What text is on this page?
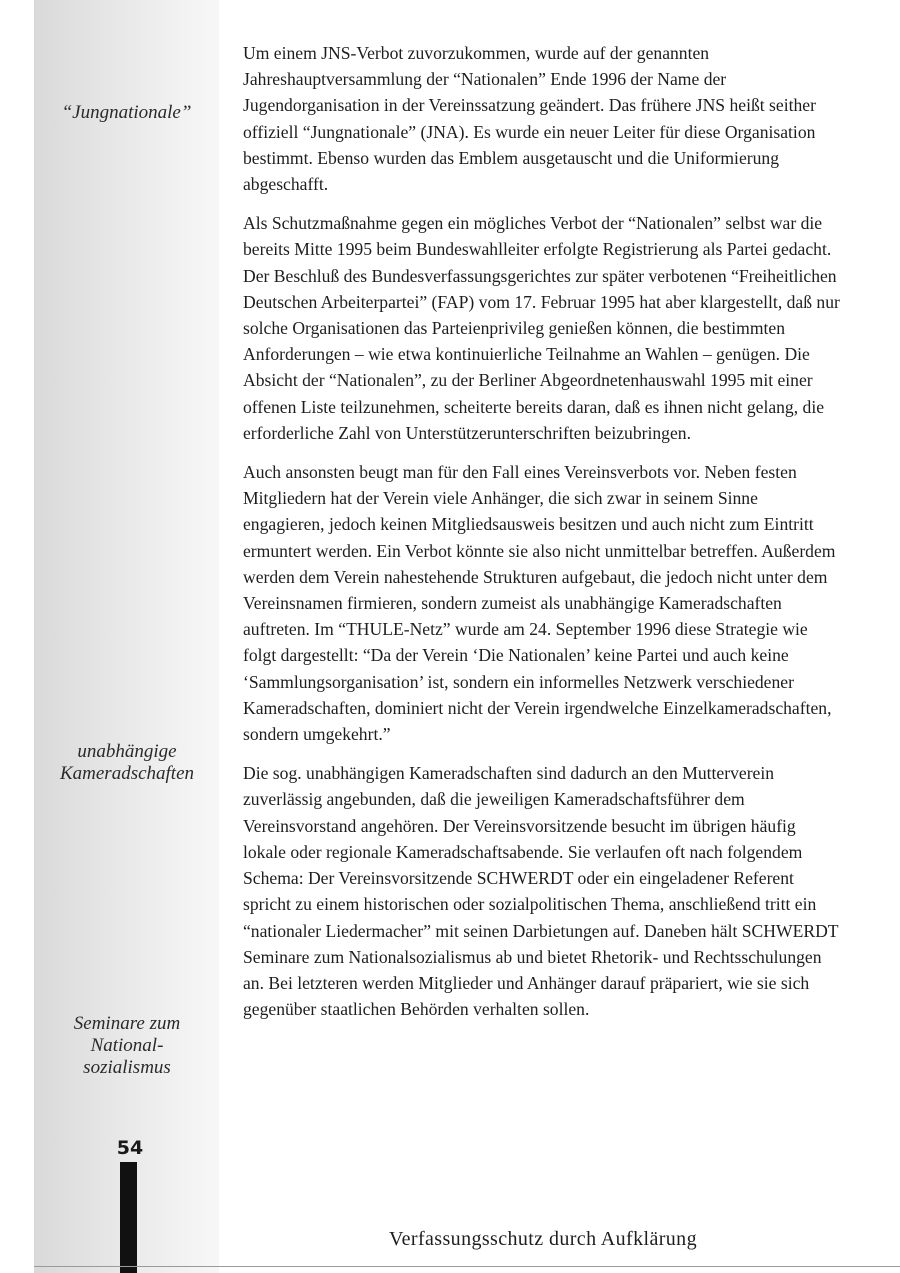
“Jungnationale”
unabhängige Kameradschaften
Seminare zum National- sozialismus
54

Um einem JNS-Verbot zuvorzukommen, wurde auf der genannten Jahreshauptversammlung der “Nationalen” Ende 1996 der Name der Jugendorganisation in der Vereinssatzung geändert. Das frühere JNS heißt seither offiziell “Jungnationale” (JNA). Es wurde ein neuer Leiter für diese Organisation bestimmt. Ebenso wurden das Emblem ausgetauscht und die Uniformierung abgeschafft.

Als Schutzmaßnahme gegen ein mögliches Verbot der “Nationalen” selbst war die bereits Mitte 1995 beim Bundeswahlleiter erfolgte Registrierung als Partei gedacht. Der Beschluß des Bundesverfassungsgerichtes zur später verbotenen “Freiheitlichen Deutschen Arbeiterpartei” (FAP) vom 17. Februar 1995 hat aber klargestellt, daß nur solche Organisationen das Parteienprivileg genießen können, die bestimmten Anforderungen – wie etwa kontinuierliche Teilnahme an Wahlen – genügen. Die Absicht der “Nationalen”, zu der Berliner Abgeordnetenhauswahl 1995 mit einer offenen Liste teilzunehmen, scheiterte bereits daran, daß es ihnen nicht gelang, die erforderliche Zahl von Unterstützerunterschriften beizubringen.

Auch ansonsten beugt man für den Fall eines Vereinsverbots vor. Neben festen Mitgliedern hat der Verein viele Anhänger, die sich zwar in seinem Sinne engagieren, jedoch keinen Mitgliedsausweis besitzen und auch nicht zum Eintritt ermuntert werden. Ein Verbot könnte sie also nicht unmittelbar betreffen. Außerdem werden dem Verein nahestehende Strukturen aufgebaut, die jedoch nicht unter dem Vereinsnamen firmieren, sondern zumeist als unabhängige Kameradschaften auftreten. Im “THULE-Netz” wurde am 24. September 1996 diese Strategie wie folgt dargestellt: “Da der Verein ‘Die Nationalen’ keine Partei und auch keine ‘Sammlungsorganisation’ ist, sondern ein informelles Netzwerk verschiedener Kameradschaften, dominiert nicht der Verein irgendwelche Einzelkameradschaften, sondern umgekehrt.”

Die sog. unabhängigen Kameradschaften sind dadurch an den Mutterverein zuverlässig angebunden, daß die jeweiligen Kameradschaftsführer dem Vereinsvorstand angehören. Der Vereinsvorsitzende besucht im übrigen häufig lokale oder regionale Kameradschaftsabende. Sie verlaufen oft nach folgendem Schema: Der Vereinsvorsitzende SCHWERDT oder ein eingeladener Referent spricht zu einem historischen oder sozialpolitischen Thema, anschließend tritt ein “nationaler Liedermacher” mit seinen Darbietungen auf. Daneben hält SCHWERDT Seminare zum Nationalsozialismus ab und bietet Rhetorik- und Rechtsschulungen an. Bei letzteren werden Mitglieder und Anhänger darauf präpariert, wie sie sich gegenüber staatlichen Behörden verhalten sollen.

Verfassungsschutz durch Aufklärung
